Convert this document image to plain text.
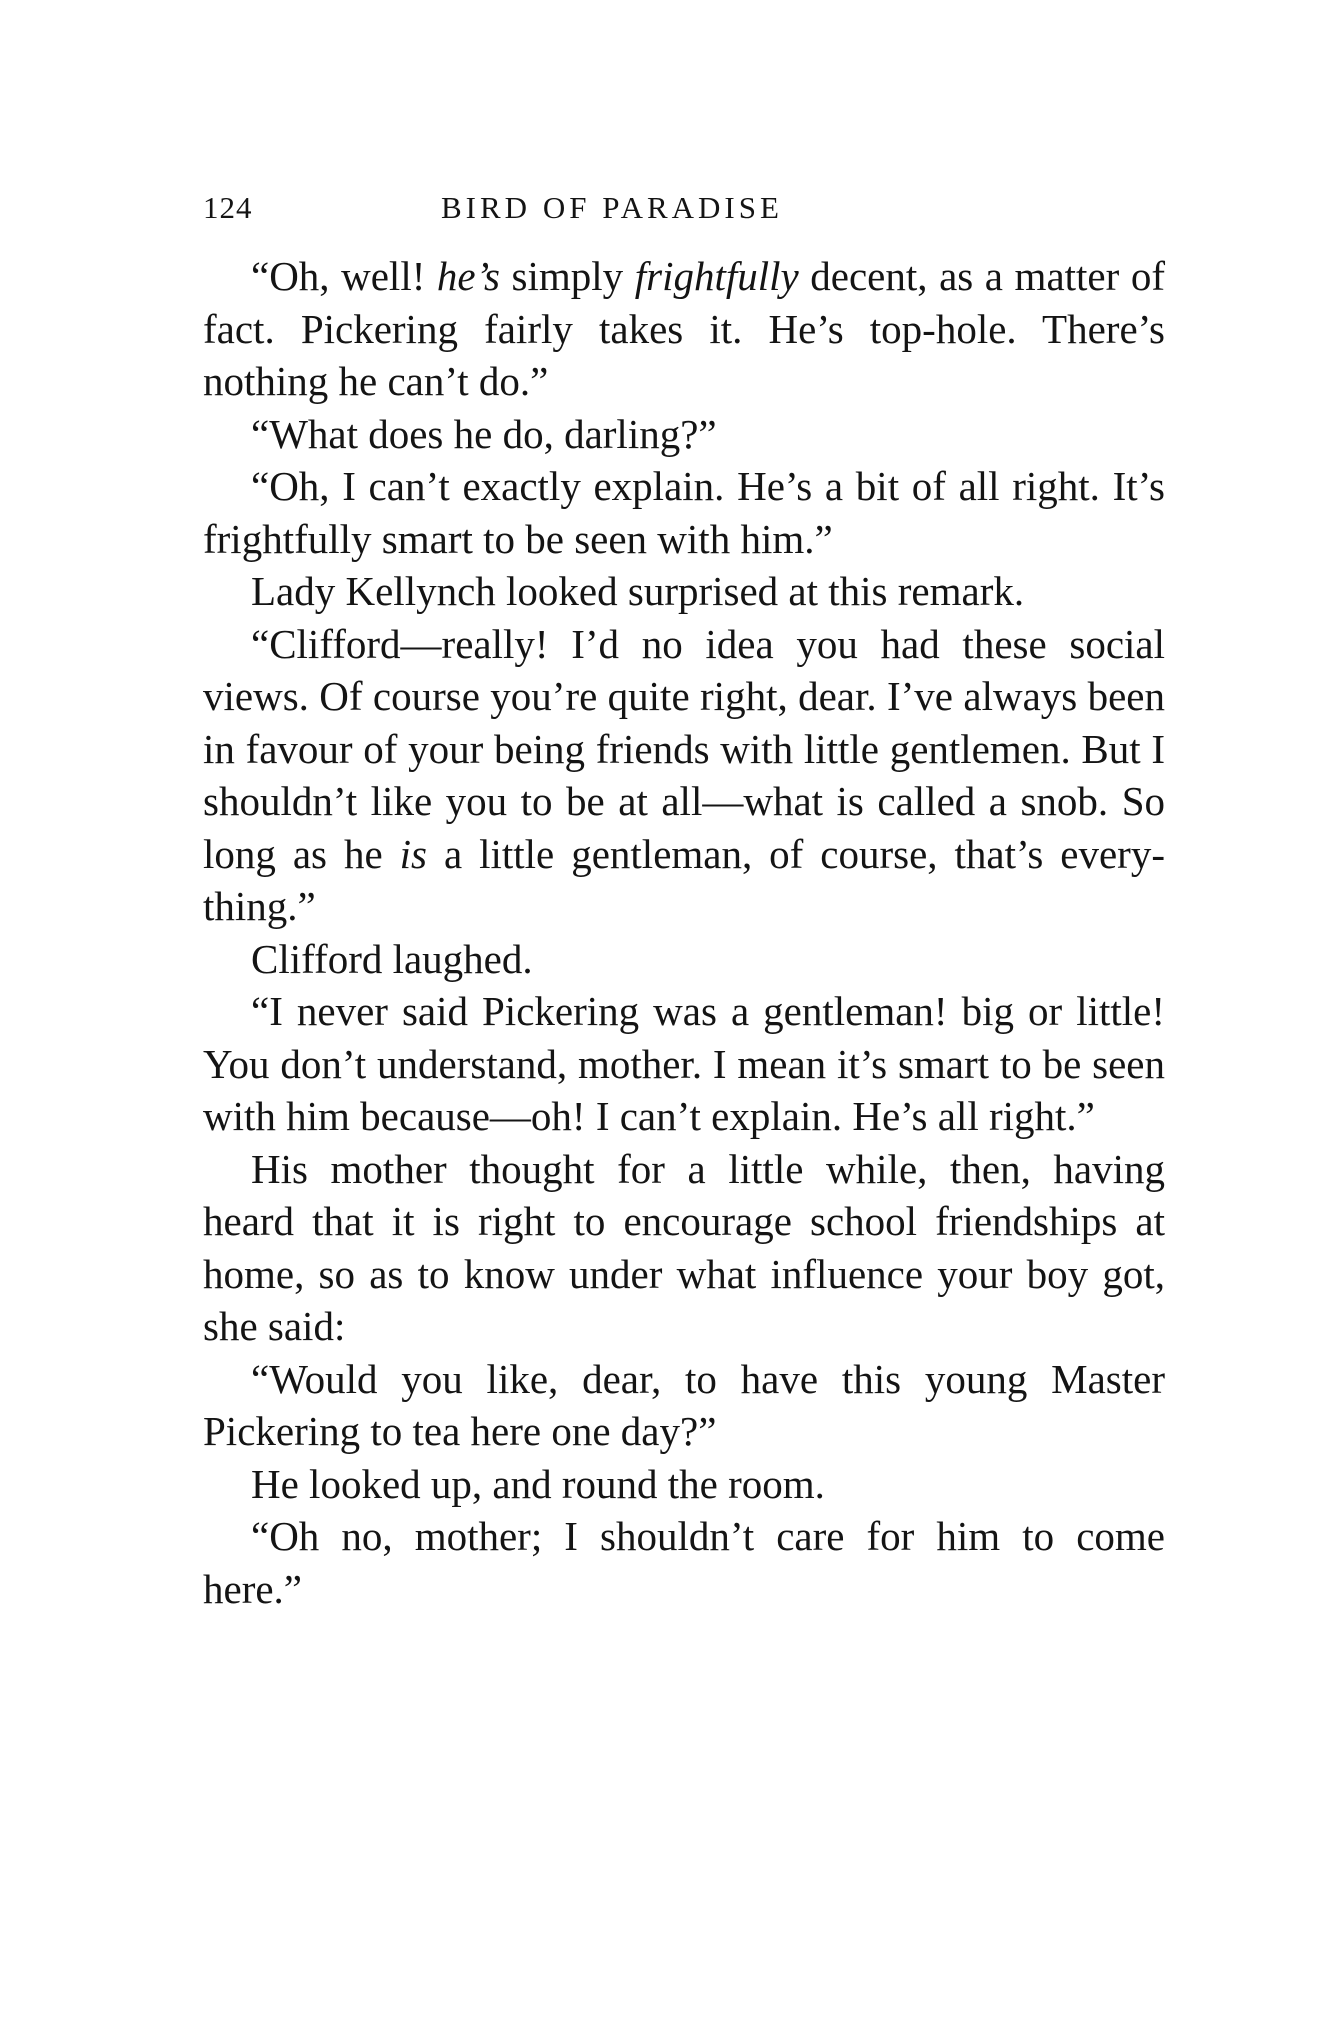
124	BIRD OF PARADISE

“Oh, well! he’s simply frightfully decent, as a matter of fact. Pickering fairly takes it. He’s top-hole. There’s nothing he can’t do.”

“What does he do, darling?”

“Oh, I can’t exactly explain. He’s a bit of all right. It’s frightfully smart to be seen with him.”

Lady Kellynch looked surprised at this remark.

“Clifford—really! I’d no idea you had these social views. Of course you’re quite right, dear. I’ve always been in favour of your being friends with little gentlemen. But I shouldn’t like you to be at all—what is called a snob. So long as he is a little gentleman, of course, that’s every-thing.”

Clifford laughed.

“I never said Pickering was a gentleman! big or little! You don’t understand, mother. I mean it’s smart to be seen with him because—oh! I can’t explain. He’s all right.”

His mother thought for a little while, then, having heard that it is right to encourage school friendships at home, so as to know under what influence your boy got, she said:

“Would you like, dear, to have this young Master Pickering to tea here one day?”

He looked up, and round the room.

“Oh no, mother; I shouldn’t care for him to come here.”
